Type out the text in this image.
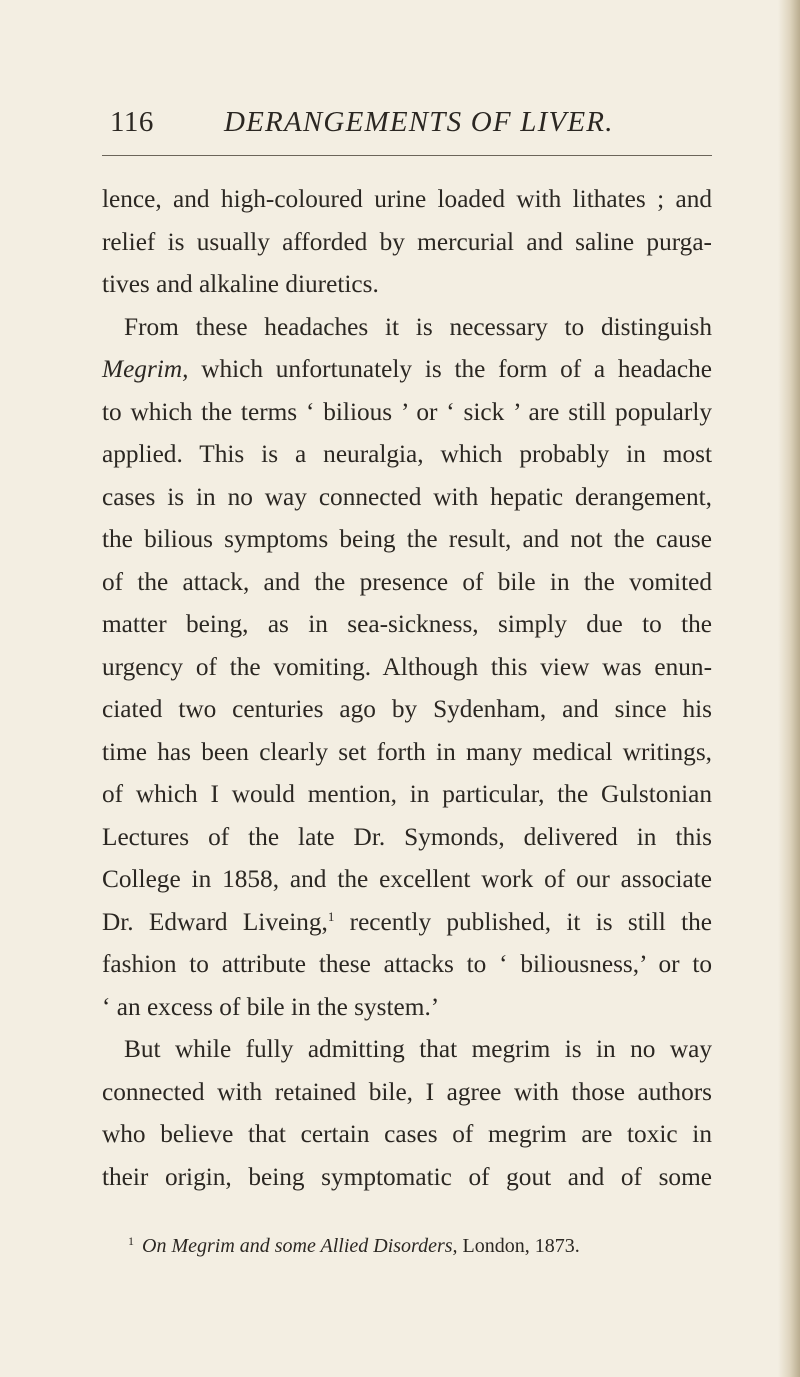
116 DERANGEMENTS OF LIVER.
lence, and high-coloured urine loaded with lithates ; and
relief is usually afforded by mercurial and saline purga-
tives and alkaline diuretics.
From these headaches it is necessary to distinguish
Megrim, which unfortunately is the form of a headache
to which the terms ‘ bilious ’ or ‘ sick ’ are still popularly
applied. This is a neuralgia, which probably in most
cases is in no way connected with hepatic derangement,
the bilious symptoms being the result, and not the cause
of the attack, and the presence of bile in the vomited
matter being, as in sea-sickness, simply due to the
urgency of the vomiting. Although this view was enun-
ciated two centuries ago by Sydenham, and since his
time has been clearly set forth in many medical writings,
of which I would mention, in particular, the Gulstonian
Lectures of the late Dr. Symonds, delivered in this
College in 1858, and the excellent work of our associate
Dr. Edward Liveing,$^1$ recently published, it is still the
fashion to attribute these attacks to ‘ biliousness,’ or to
‘ an excess of bile in the system.’
But while fully admitting that megrim is in no way
connected with retained bile, I agree with those authors
who believe that certain cases of megrim are toxic in
their origin, being symptomatic of gout and of some
$^1$ On Megrim and some Allied Disorders, London, 1873.
